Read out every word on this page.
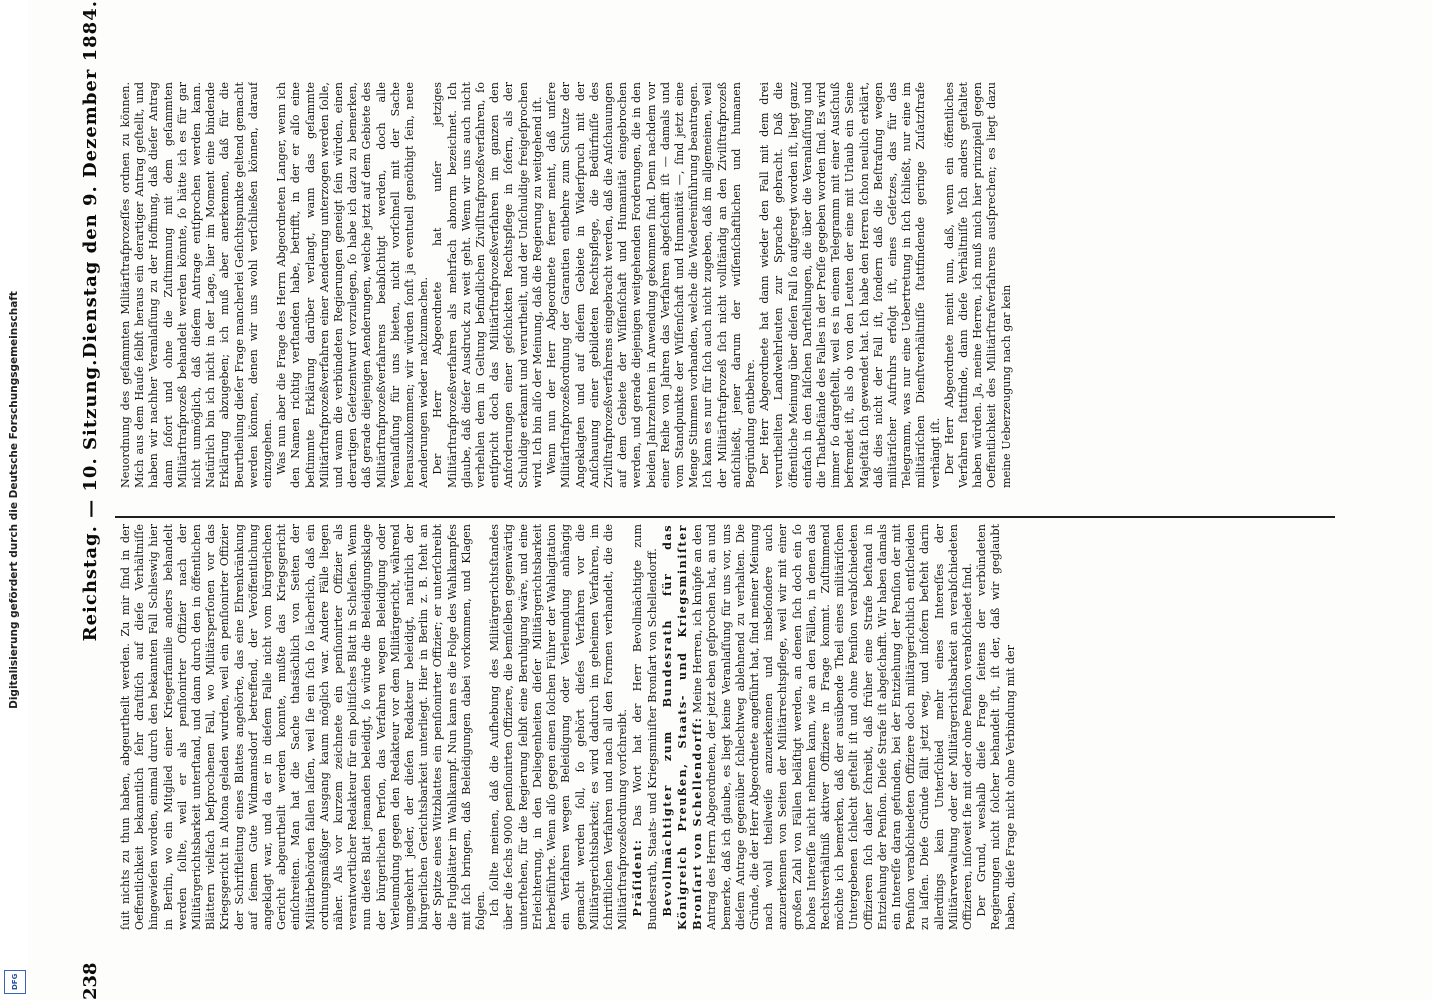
238
Reichstag. — 10. Sitzung.
Dienstag den 9. Dezember 1884.

ſuit nichts zu thun haben, abgeurtheilt werden. Zu mir ſind in der Oeffentlichkeit bekanntlich ſehr draſtiſch auf dieſe Verhältniſſe hingewieſen worden, einmal durch den bekannten Fall Schleswig hier in Berlin, wo ein Mitglied einer Kriegerfamilie anders behandelt werden ſollte, weil er als penſionirter Offizier nach der Militärgerichtsbarkeit unterſtand, und dann durch den in öffentlichen Blättern vielfach beſprochenen Fall, wo Militärsperſonen vor das Kriegsgericht in Altona geladen wurden, weil ein penſionirter Offizier der Schriftleitung eines Blattes angehörte, das eine Ehrenkränkung auf ſeinem Gute Widmannsdorf betreffend, der Veröffentlichung angeklagt war, und da er in dieſem Falle nicht vom bürgerlichen Gericht abgeurtheilt werden konnte, mußte das Kriegsgericht einſchreiten. Man hat die Sache thatsächlich von Seiten der Militärbehörden fallen laſſen, weil ſie ein ſich ſo lächerlich, daß ein ordnungsmäßiger Ausgang kaum möglich war. Andere Fälle liegen näher. Als vor kurzem zeichnete ein penſionirter Offizier als verantwortlicher Redakteur für ein politiſches Blatt in Schleſien. Wenn nun dieſes Blatt jemanden beleidigt, ſo würde die Beleidigungsklage der bürgerlichen Perſon, das Verfahren wegen Beleidigung oder Verleumdung gegen den Redakteur vor dem Militärgericht, während umgekehrt jeder, der dieſen Redakteur beleidigt, natürlich der bürgerlichen Gerichtsbarkeit unterliegt. Hier in Berlin z. B. ſteht an der Spitze eines Witzblattes ein penſionirter Offizier; er unterſchreibt die Flugblätter im Wahlkampf. Nun kann es die Folge des Wahlkampfes mit ſich bringen, daß Beleidigungen dabei vorkommen, und Klagen folgen. Ich ſollte meinen, daß die Aufhebung des Militärgerichtsſtandes über die ſechs 9000 penſionirten Offiziere, die bemſelben gegenwärtig unterſtehen, für die Regierung ſelbſt eine Beruhigung wäre, und eine Erleichterung, in den Deliegenheiten dieſer Militärgerichtsbarkeit herbeiführte. Wenn alſo gegen einen ſolchen Führer der Wahlagitation ein Verfahren wegen Beleidigung oder Verleumdung anhängig gemacht werden ſoll, ſo gehört dieſes Verfahren vor die Militärgerichtsbarkeit; es wird dadurch im geheimen Verfahren, im ſchriftlichen Verfahren und nach all den Formen verhandelt, die die Militärſtrafprozeßordnung vorſchreibt. Präſident: Das Wort hat der Herr Bevollmächtigte zum Bundesrath, Staats- und Kriegsminiſter Bronſart von Schellendorff. Bevollmächtigter zum Bundesrath für das Königreich Preußen, Staats- und Kriegsminiſter Bronſart von Schellendorff: Meine Herren, ich knüpfe an den Antrag des Herrn Abgeordneten, der jetzt eben geſprochen hat, an und bemerke, daß ich glaube, es liegt keine Veranlaſſung für uns vor, uns dieſem Antrage gegenüber ſchlechtweg ablehnend zu verhalten. Die Gründe, die der Herr Abgeordnete angeführt hat, ſind meiner Meinung nach wohl theilweiſe anzuerkennen und insbeſondere auch anzuerkennen von Seiten der Militärrechtspflege, weil wir mit einer großen Zahl von Fällen beläſtigt werden, an denen ſich doch ein ſo hohes Intereſſe nicht nehmen kann, wie an den Fällen, in denen das Rechtsverhältniß aktiver Offiziere in Frage kommt. Zuſtimmend möchte ich bemerken, daß der ausübende Theil eines militäriſchen Untergebenen ſchlecht geſtellt iſt und ohne Penſion verabſchiedeten Offizieren ſich daher ſchreibt, daß früher eine Strafe beſtand in Entziehung der Penſion. Dieſe Strafe iſt abgeſchafft. Wir haben damals ein Intereſſe daran gefunden, bei der Entziehung der Penſion der mit Penſion verabſchiedeten Offiziere doch militärgerichtlich entſcheiden zu laſſen. Dieſe Gründe fällt jetzt weg, und inſofern beſteht darin allerdings kein Unterſchied mehr eines Intereſſes der Militärverwaltung oder der Militärgerichtsbarkeit an verabſchiedeten Offizieren, inſoweit ſie mit oder ohne Penſion verabſchiedet ſind. Der Grund, weshalb dieſe Frage ſeitens der verbündeten Regierungen nicht ſolcher behandelt iſt, iſt der, daß wir geglaubt haben, dieſe Frage nicht ohne Verbindung mit der

Neuordnung des geſammten Militärſtrafprozeſſes ordnen zu können. Mich aus dem Hauſe ſelbſt heraus ein derartiger Antrag geſtellt, und haben wir nachher Veranlaſſung zu der Hoffnung, daß dieſer Antrag dann ſofort und ohne die Zuſtimmung mit dem geſammten Militärſtrafprozeß behandelt werden könnte, ſo hätte ich es für gar nicht unmöglich, daß dieſem Antrage entſprochen werden kann. Natürlich bin ich nicht in der Lage, hier im Moment eine bindende Erklärung abzugeben; ich muß aber anerkennen, daß für die Beurtheilung dieſer Frage mancherlei Geſichtspunkte geltend gemacht werden können, denen wir uns wohl verſchließen können, darauf einzugehen. Was nun aber die Frage des Herrn Abgeordneten Langer, wenn ich den Namen richtig verſtanden habe, betrifft, in der er alſo eine beſtimmte Erklärung darüber verlangt, wann das geſammte Militärſtrafprozeßverfahren einer Aenderung unterzogen werden ſolle, und wann die verbündeten Regierungen geneigt ſein würden, einen derartigen Geſetzentwurf vorzulegen, ſo habe ich dazu zu bemerken, daß gerade diejenigen Aenderungen, welche jetzt auf dem Gebiete des Militärſtrafprozeßverfahrens beabſichtigt werden, doch alle Veranlaſſung für uns bieten, nicht vorſchnell mit der Sache herauszukommen; wir würden ſonſt ja eventuell genöthigt ſein, neue Aenderungen wieder nachzumachen. Der Herr Abgeordnete hat unſer jetziges Militärſtrafprozeßverfahren als mehrfach abnorm bezeichnet. Ich glaube, daß dieſer Ausdruck zu weit geht. Wenn wir uns auch nicht verhehlen dem in Geltung befindlichen Zivilſtrafprozeßverfahren, ſo entſpricht doch das Militärſtrafprozeßverfahren im ganzen den Anforderungen einer geſchickten Rechtspflege in ſofern, als der Schuldige erkannt und verurtheilt, und der Unſchuldige freigeſprochen wird. Ich bin alſo der Meinung, daß die Regierung zu weitgehend iſt. Wenn nun der Herr Abgeordnete ferner meint, daß unſere Militärſtrafprozeßordnung der Garantien entbehre zum Schutze der Angeklagten und auf dieſem Gebiete in Widerſpruch mit der Anſchauung einer gebildeten Rechtspflege, die Bedürfniſſe des Zivilſtrafprozeßverfahrens eingebracht werden, daß die Anſchauungen auf dem Gebiete der Wiſſenſchaft und Humanität eingebrochen werden, und gerade diejenigen weitgehenden Forderungen, die in den beiden Jahrzehnten in Anwendung gekommen ſind. Denn nachdem vor einer Reihe von Jahren das Verfahren abgeſchafft iſt — damals und vom Standpunkte der Wiſſenſchaft und Humanität —, ſind jetzt eine Menge Stimmen vorhanden, welche die Wiedereinführung beantragen. Ich kann es nur für ſich auch nicht zugeben, daß im allgemeinen, weil der Militärſtrafprozeß ſich nicht vollſtändig an den Zivilſtrafprozeß anſchließt, jener darum der wiſſenſchaftlichen und humanen Begründung entbehre. Der Herr Abgeordnete hat dann wieder den Fall mit dem drei verurtheilten Landwehrleuten zur Sprache gebracht. Daß die öffentliche Meinung über dieſen Fall ſo aufgeregt worden iſt, liegt ganz einfach in den falſchen Darſtellungen, die über die Veranlaſſung und die Thatbeſtände des Falles in der Preſſe gegeben worden ſind. Es wird immer ſo dargeſtellt, weil es in einem Telegramm mit einer Ausſchuß befremdet iſt, als ob von den Leuten der eine mit Urlaub ein Seine Majeſtät ſich gewendet hat. Ich habe den Herren ſchon neulich erklärt, daß dies nicht der Fall iſt, ſondern daß die Beſtrafung wegen militäriſcher Aufruhrs erfolgt iſt, eines Geſetzes, das für das Telegramm, was nur eine Uebertretung in ſich ſchließt, nur eine im militäriſchen Dienſtverhältniſſe ſtattfindende geringe Zuſatzſtrafe verhängt iſt. Der Herr Abgeordnete meint nun, daß, wenn ein öffentliches Verfahren ſtattfinde, dann dieſe Verhältniſſe ſich anders geſtaltet haben würden. Ja, meine Herren, ich muß mich hier prinzipiell gegen Oeffentlichkeit des Militärſtrafverfahrens ausſprechen; es liegt dazu meine Ueberzeugung nach gar kein

Digitalisierung gefördert durch die Deutsche Forschungsgemeinschaft
DFG
